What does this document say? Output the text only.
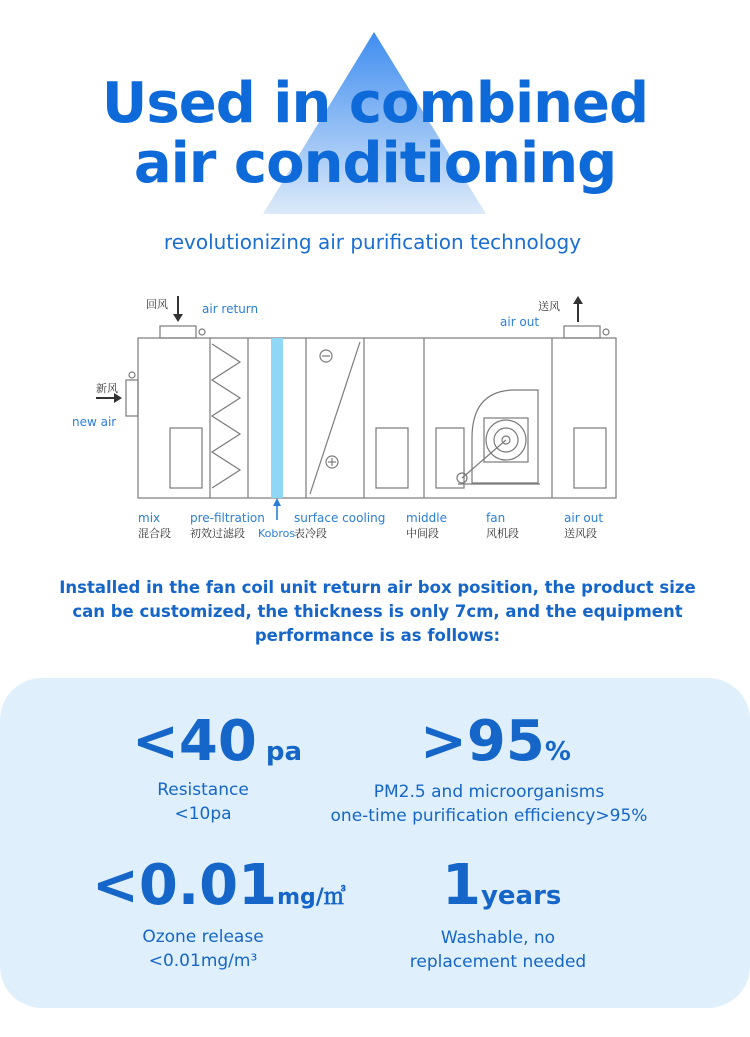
Used in combined
air conditioning
revolutionizing air purification technology
回风	air return	送风
air out
新风
new air
mix
混合段
pre-filtration
初效过滤段 Kobros
surface cooling
表冷段
middle
中间段
fan
风机段
air out
送风段
Installed in the fan coil unit return air box position, the product size can be customized, the thickness is only 7cm, and the equipment performance is as follows:
<40 pa
Resistance
<10pa
>95%
PM2.5 and microorganisms
one-time purification efficiency>95%
<0.01mg/㎥
Ozone release
<0.01mg/m³
1years
Washable, no
replacement needed
